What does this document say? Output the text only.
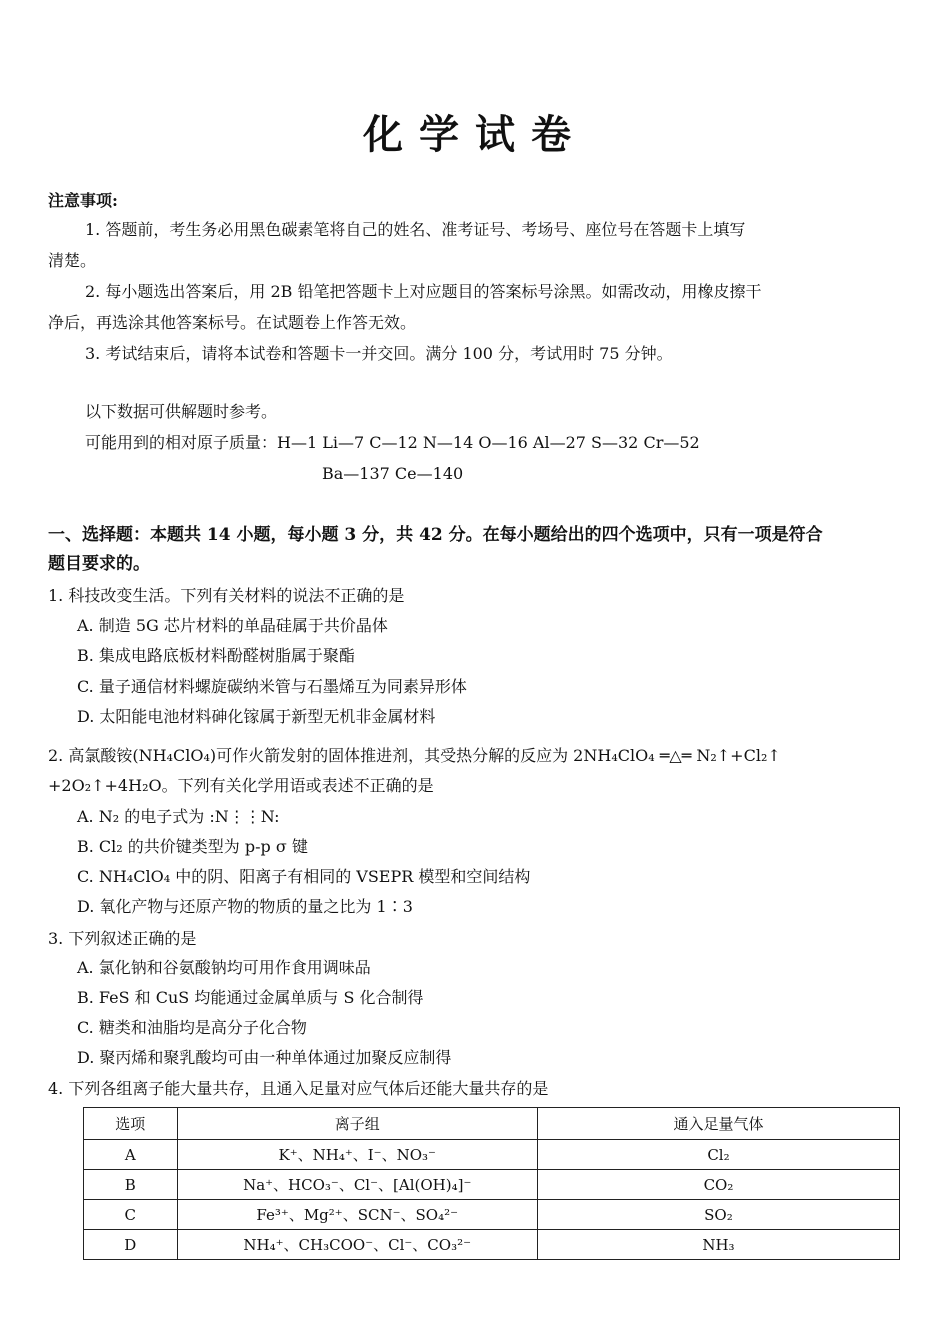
化学试卷
注意事项:
1. 答题前，考生务必用黑色碳素笔将自己的姓名、准考证号、考场号、座位号在答题卡上填写
清楚。
2. 每小题选出答案后，用 2B 铅笔把答题卡上对应题目的答案标号涂黑。如需改动，用橡皮擦干
净后，再选涂其他答案标号。在试题卷上作答无效。
3. 考试结束后，请将本试卷和答题卡一并交回。满分 100 分，考试用时 75 分钟。
以下数据可供解题时参考。
可能用到的相对原子质量：H—1 Li—7 C—12 N—14 O—16 Al—27 S—32 Cr—52
Ba—137 Ce—140
一、选择题：本题共 14 小题，每小题 3 分，共 42 分。在每小题给出的四个选项中，只有一项是符合
题目要求的。
1. 科技改变生活。下列有关材料的说法不正确的是
A. 制造 5G 芯片材料的单晶硅属于共价晶体
B. 集成电路底板材料酚醛树脂属于聚酯
C. 量子通信材料螺旋碳纳米管与石墨烯互为同素异形体
D. 太阳能电池材料砷化镓属于新型无机非金属材料
2. 高氯酸铵(NH₄ClO₄)可作火箭发射的固体推进剂，其受热分解的反应为 2NH₄ClO₄ ═△═ N₂↑+Cl₂↑
+2O₂↑+4H₂O。下列有关化学用语或表述不正确的是
A. N₂ 的电子式为 :N⋮⋮N:
B. Cl₂ 的共价键类型为 p-p σ 键
C. NH₄ClO₄ 中的阴、阳离子有相同的 VSEPR 模型和空间结构
D. 氧化产物与还原产物的物质的量之比为 1∶3
3. 下列叙述正确的是
A. 氯化钠和谷氨酸钠均可用作食用调味品
B. FeS 和 CuS 均能通过金属单质与 S 化合制得
C. 糖类和油脂均是高分子化合物
D. 聚丙烯和聚乳酸均可由一种单体通过加聚反应制得
4. 下列各组离子能大量共存，且通入足量对应气体后还能大量共存的是
选项	离子组	通入足量气体
A	K⁺、NH₄⁺、I⁻、NO₃⁻	Cl₂
B	Na⁺、HCO₃⁻、Cl⁻、[Al(OH)₄]⁻	CO₂
C	Fe³⁺、Mg²⁺、SCN⁻、SO₄²⁻	SO₂
D	NH₄⁺、CH₃COO⁻、Cl⁻、CO₃²⁻	NH₃
